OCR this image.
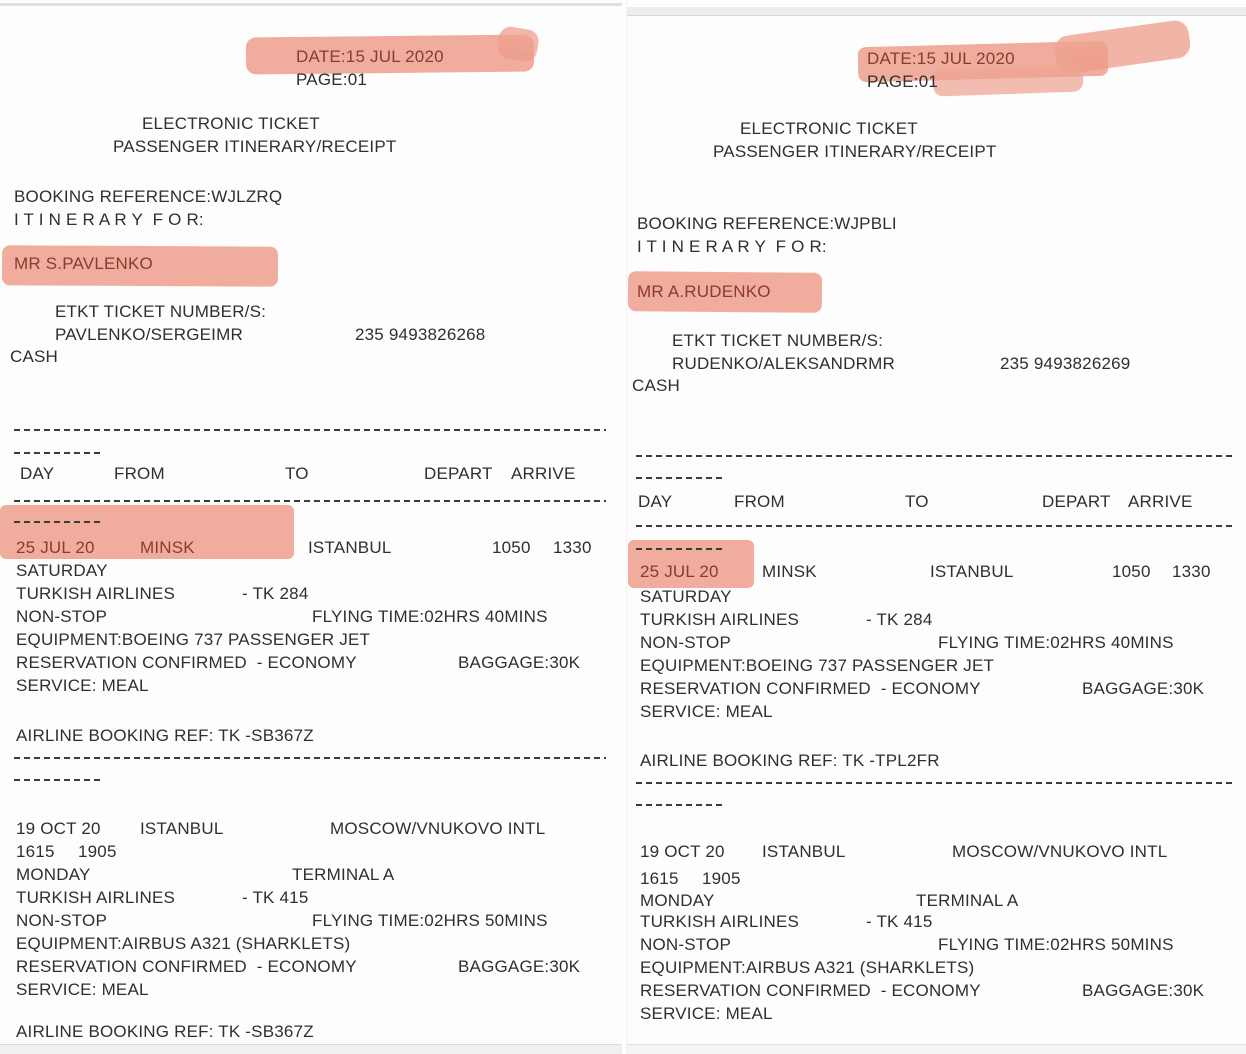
DATE:15 JUL 2020
PAGE:01
ELECTRONIC TICKET
PASSENGER ITINERARY/RECEIPT
BOOKING REFERENCE:WJLZRQ
I T I N E R A R Y  F O R:
MR S.PAVLENKO
ETKT TICKET NUMBER/S:
PAVLENKO/SERGEIMR	235 9493826268
CASH
DAY	FROM	TO	DEPART ARRIVE
25 JUL 20	MINSK	ISTANBUL	1050 1330
SATURDAY
TURKISH AIRLINES	- TK 284
NON-STOP	FLYING TIME:02HRS 40MINS
EQUIPMENT:BOEING 737 PASSENGER JET
RESERVATION CONFIRMED  - ECONOMY	BAGGAGE:30K
SERVICE: MEAL
AIRLINE BOOKING REF: TK -SB367Z
19 OCT 20 ISTANBUL	MOSCOW/VNUKOVO INTL
1615 1905
MONDAY	TERMINAL A
TURKISH AIRLINES	- TK 415
NON-STOP	FLYING TIME:02HRS 50MINS
EQUIPMENT:AIRBUS A321 (SHARKLETS)
RESERVATION CONFIRMED  - ECONOMY	BAGGAGE:30K
SERVICE: MEAL
AIRLINE BOOKING REF: TK -SB367Z
DATE:15 JUL 2020
PAGE:01
ELECTRONIC TICKET
PASSENGER ITINERARY/RECEIPT
BOOKING REFERENCE:WJPBLI
I T I N E R A R Y  F O R:
MR A.RUDENKO
ETKT TICKET NUMBER/S:
RUDENKO/ALEKSANDRMR	235 9493826269
CASH
DAY	FROM	TO	DEPART ARRIVE
25 JUL 20	MINSK	ISTANBUL	1050 1330
SATURDAY
TURKISH AIRLINES	- TK 284
NON-STOP	FLYING TIME:02HRS 40MINS
EQUIPMENT:BOEING 737 PASSENGER JET
RESERVATION CONFIRMED  - ECONOMY	BAGGAGE:30K
SERVICE: MEAL
AIRLINE BOOKING REF: TK -TPL2FR
19 OCT 20 ISTANBUL	MOSCOW/VNUKOVO INTL
1615 1905
MONDAY	TERMINAL A
TURKISH AIRLINES	- TK 415
NON-STOP	FLYING TIME:02HRS 50MINS
EQUIPMENT:AIRBUS A321 (SHARKLETS)
RESERVATION CONFIRMED  - ECONOMY	BAGGAGE:30K
SERVICE: MEAL
